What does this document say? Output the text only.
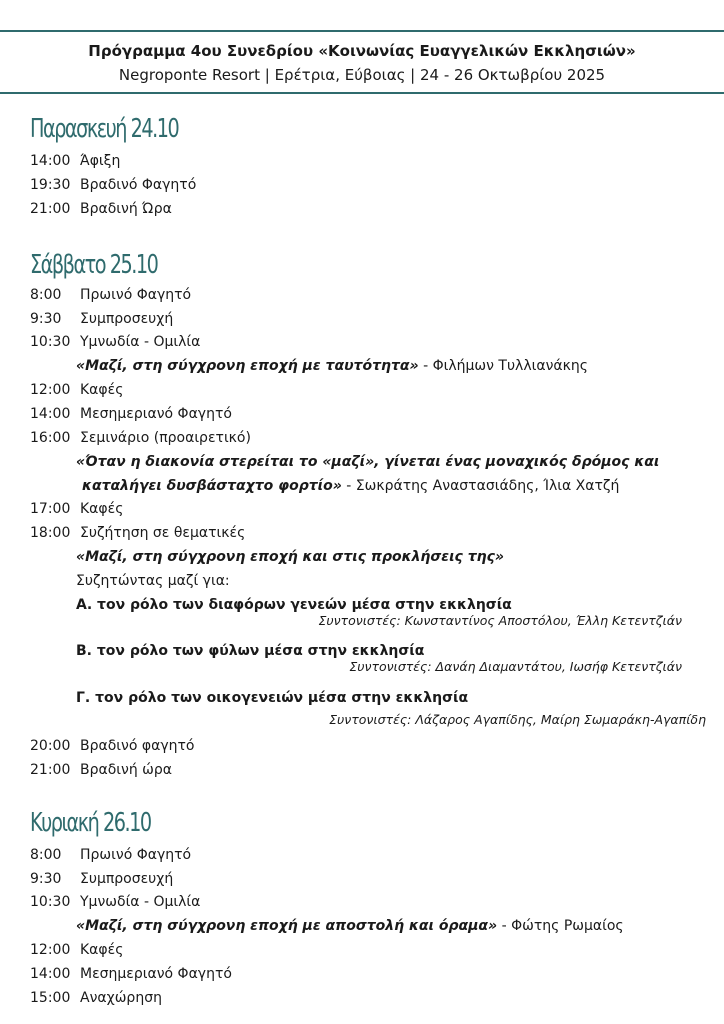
Πρόγραμμα 4ου Συνεδρίου «Κοινωνίας Ευαγγελικών Εκκλησιών»
Negroponte Resort | Ερέτρια, Εύβοιας | 24 - 26 Οκτωβρίου 2025
Παρασκευή 24.10
14:00 Άφιξη
19:30 Βραδινό Φαγητό
21:00 Βραδινή Ώρα
Σάββατο 25.10
8:00 Πρωινό Φαγητό
9:30 Συμπροσευχή
10:30 Υμνωδία - Ομιλία
«Μαζί, στη σύγχρονη εποχή με ταυτότητα» - Φιλήμων Τυλλιανάκης
12:00 Καφές
14:00 Μεσημεριανό Φαγητό
16:00 Σεμινάριο (προαιρετικό)
«Όταν η διακονία στερείται το «μαζί», γίνεται ένας μοναχικός δρόμος και
καταλήγει δυσβάσταχτο φορτίο» - Σωκράτης Αναστασιάδης, Ίλια Χατζή
17:00 Καφές
18:00 Συζήτηση σε θεματικές
«Μαζί, στη σύγχρονη εποχή και στις προκλήσεις της»
Συζητώντας μαζί για:
Α. τον ρόλο των διαφόρων γενεών μέσα στην εκκλησία
Συντονιστές: Κωνσταντίνος Αποστόλου, Έλλη Κετεντζιάν
Β. τον ρόλο των φύλων μέσα στην εκκλησία
Συντονιστές: Δανάη Διαμαντάτου, Ιωσήφ Κετεντζιάν
Γ. τον ρόλο των οικογενειών μέσα στην εκκλησία
Συντονιστές: Λάζαρος Αγαπίδης, Μαίρη Σωμαράκη-Αγαπίδη
20:00 Βραδινό φαγητό
21:00 Βραδινή ώρα
Κυριακή 26.10
8:00 Πρωινό Φαγητό
9:30 Συμπροσευχή
10:30 Υμνωδία - Ομιλία
«Μαζί, στη σύγχρονη εποχή με αποστολή και όραμα» - Φώτης Ρωμαίος
12:00 Καφές
14:00 Μεσημεριανό Φαγητό
15:00 Αναχώρηση
